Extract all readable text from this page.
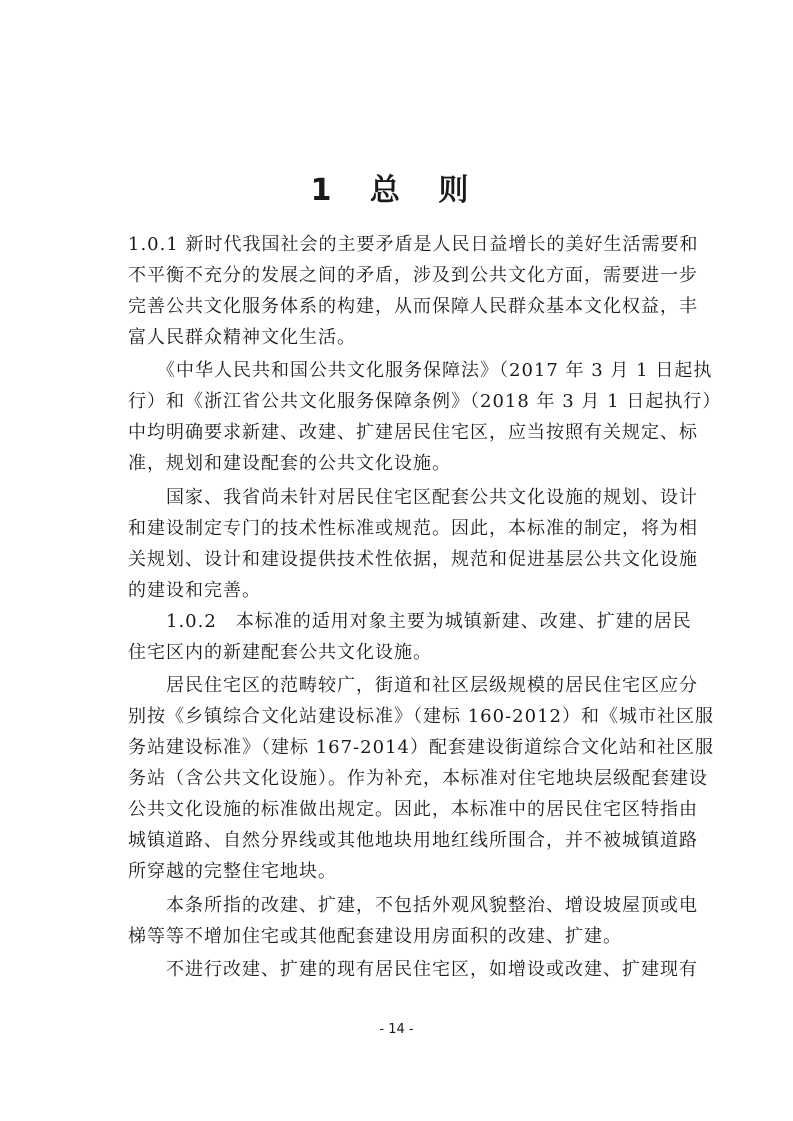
1 总 则
1.0.1 新时代我国社会的主要矛盾是人民日益增长的美好生活需要和
不平衡不充分的发展之间的矛盾，涉及到公共文化方面，需要进一步
完善公共文化服务体系的构建，从而保障人民群众基本文化权益，丰
富人民群众精神文化生活。
　　《中华人民共和国公共文化服务保障法》（2017 年 3 月 1 日起执
行）和《浙江省公共文化服务保障条例》（2018 年 3 月 1 日起执行）
中均明确要求新建、改建、扩建居民住宅区，应当按照有关规定、标
准，规划和建设配套的公共文化设施。
　　国家、我省尚未针对居民住宅区配套公共文化设施的规划、设计
和建设制定专门的技术性标准或规范。因此，本标准的制定，将为相
关规划、设计和建设提供技术性依据，规范和促进基层公共文化设施
的建设和完善。
　　1.0.2　本标准的适用对象主要为城镇新建、改建、扩建的居民
住宅区内的新建配套公共文化设施。
　　居民住宅区的范畴较广，街道和社区层级规模的居民住宅区应分
别按《乡镇综合文化站建设标准》（建标 160-2012）和《城市社区服
务站建设标准》（建标 167-2014）配套建设街道综合文化站和社区服
务站（含公共文化设施）。作为补充，本标准对住宅地块层级配套建设
公共文化设施的标准做出规定。因此，本标准中的居民住宅区特指由
城镇道路、自然分界线或其他地块用地红线所围合，并不被城镇道路
所穿越的完整住宅地块。
　　本条所指的改建、扩建，不包括外观风貌整治、增设坡屋顶或电
梯等等不增加住宅或其他配套建设用房面积的改建、扩建。
　　不进行改建、扩建的现有居民住宅区，如增设或改建、扩建现有
- 14 -
